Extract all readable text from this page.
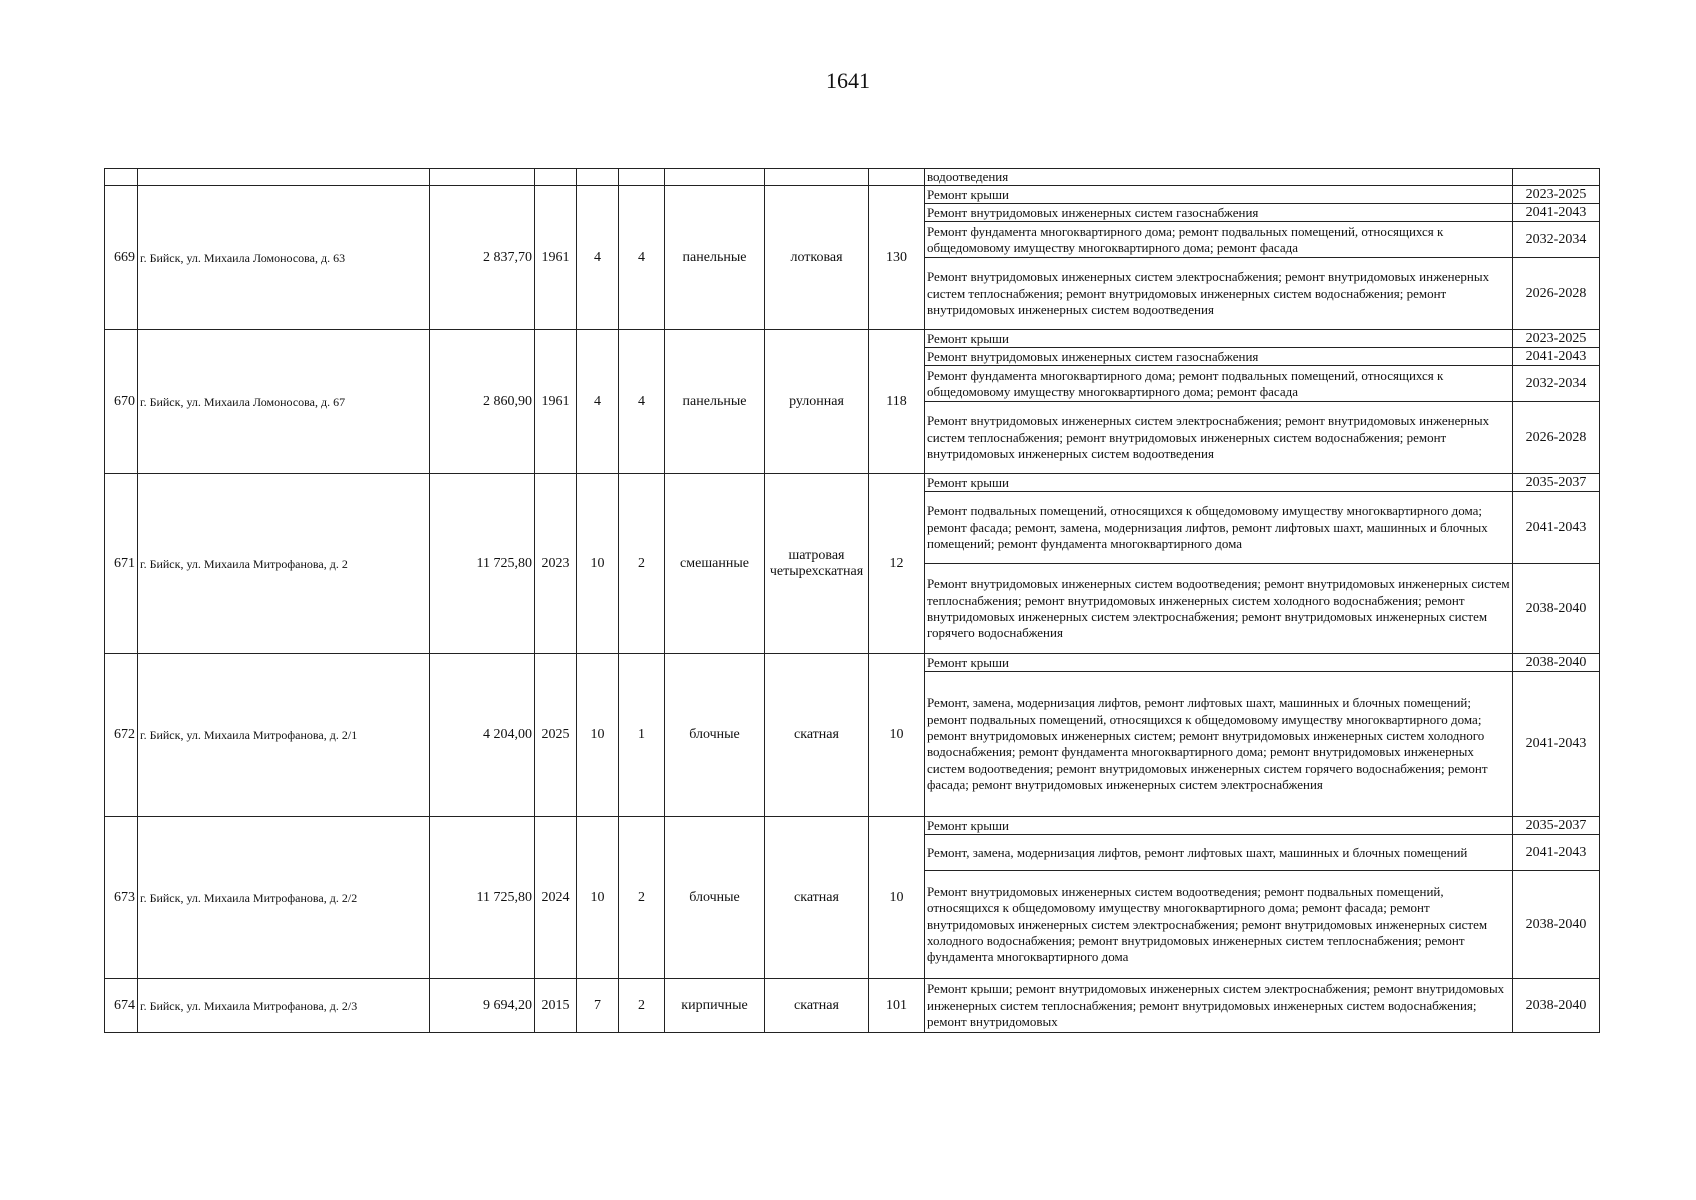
1641
									водоотведения	
669	г. Бийск, ул. Михаила Ломоносова, д. 63	2 837,70	1961	4	4	панельные	лотковая	130	Ремонт крыши	2023-2025
									Ремонт внутридомовых инженерных систем газоснабжения	2041-2043
									Ремонт фундамента многоквартирного дома; ремонт подвальных помещений, относящихся к общедомовому имуществу многоквартирного дома; ремонт фасада	2032-2034
									Ремонт внутридомовых инженерных систем электроснабжения; ремонт внутридомовых инженерных систем теплоснабжения; ремонт внутридомовых инженерных систем водоснабжения; ремонт внутридомовых инженерных систем водоотведения	2026-2028
670	г. Бийск, ул. Михаила Ломоносова, д. 67	2 860,90	1961	4	4	панельные	рулонная	118	Ремонт крыши	2023-2025
									Ремонт внутридомовых инженерных систем газоснабжения	2041-2043
									Ремонт фундамента многоквартирного дома; ремонт подвальных помещений, относящихся к общедомовому имуществу многоквартирного дома; ремонт фасада	2032-2034
									Ремонт внутридомовых инженерных систем электроснабжения; ремонт внутридомовых инженерных систем теплоснабжения; ремонт внутридомовых инженерных систем водоснабжения; ремонт внутридомовых инженерных систем водоотведения	2026-2028
671	г. Бийск, ул. Михаила Митрофанова, д. 2	11 725,80	2023	10	2	смешанные	шатровая четырехскатная	12	Ремонт крыши	2035-2037
									Ремонт подвальных помещений, относящихся к общедомовому имуществу многоквартирного дома; ремонт фасада; ремонт, замена, модернизация лифтов, ремонт лифтовых шахт, машинных и блочных помещений; ремонт фундамента многоквартирного дома	2041-2043
									Ремонт внутридомовых инженерных систем водоотведения; ремонт внутридомовых инженерных систем теплоснабжения; ремонт внутридомовых инженерных систем холодного водоснабжения; ремонт внутридомовых инженерных систем электроснабжения; ремонт внутридомовых инженерных систем горячего водоснабжения	2038-2040
672	г. Бийск, ул. Михаила Митрофанова, д. 2/1	4 204,00	2025	10	1	блочные	скатная	10	Ремонт крыши	2038-2040
									Ремонт, замена, модернизация лифтов, ремонт лифтовых шахт, машинных и блочных помещений; ремонт подвальных помещений, относящихся к общедомовому имуществу многоквартирного дома; ремонт внутридомовых инженерных систем; ремонт внутридомовых инженерных систем холодного водоснабжения; ремонт фундамента многоквартирного дома; ремонт внутридомовых инженерных систем водоотведения; ремонт внутридомовых инженерных систем горячего водоснабжения; ремонт фасада; ремонт внутридомовых инженерных систем электроснабжения	2041-2043
673	г. Бийск, ул. Михаила Митрофанова, д. 2/2	11 725,80	2024	10	2	блочные	скатная	10	Ремонт крыши	2035-2037
									Ремонт, замена, модернизация лифтов, ремонт лифтовых шахт, машинных и блочных помещений	2041-2043
									Ремонт внутридомовых инженерных систем водоотведения; ремонт подвальных помещений, относящихся к общедомовому имуществу многоквартирного дома; ремонт фасада; ремонт внутридомовых инженерных систем электроснабжения; ремонт внутридомовых инженерных систем холодного водоснабжения; ремонт внутридомовых инженерных систем теплоснабжения; ремонт фундамента многоквартирного дома	2038-2040
674	г. Бийск, ул. Михаила Митрофанова, д. 2/3	9 694,20	2015	7	2	кирпичные	скатная	101	Ремонт крыши; ремонт внутридомовых инженерных систем электроснабжения; ремонт внутридомовых инженерных систем теплоснабжения; ремонт внутридомовых инженерных систем водоснабжения; ремонт внутридомовых	2038-2040
